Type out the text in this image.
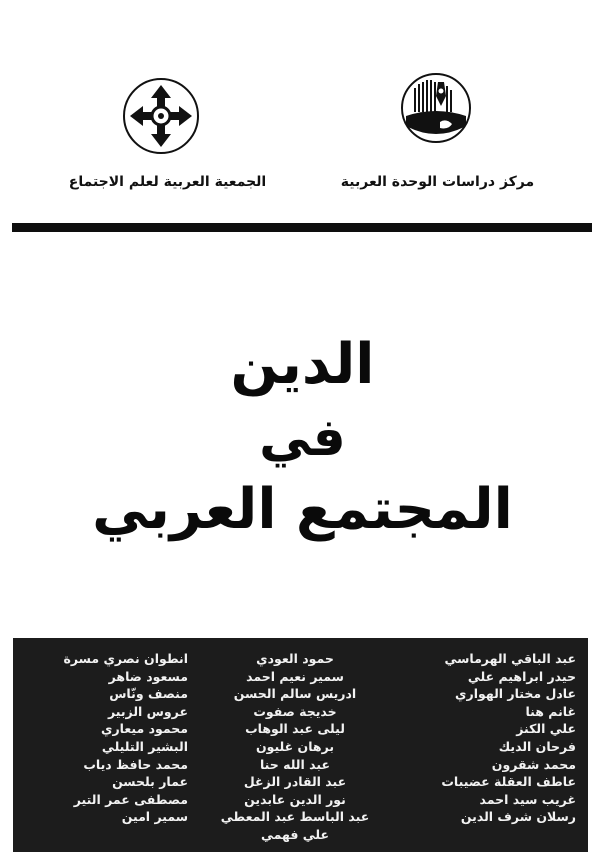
الجمعية العربية لعلم الاجتماع	مركز دراسات الوحدة العربية
الدين
في
المجتمع العربي
عبد الباقي الهرماسي
حيدر ابراهيم علي
عادل مختار الهواري
غانم هنا
علي الكنز
فرحان الديك
محمد شقرون
عاطف العقلة عضيبات
غريب سيد احمد
رسلان شرف الدين
حمود العودي
سمير نعيم احمد
ادريس سالم الحسن
خديجة صفوت
ليلى عبد الوهاب
برهان غليون
عبد الله حنا
عبد القادر الزغل
نور الدين عابدين
عبد الباسط عبد المعطي
علي فهمي
انطوان نصري مسرة
مسعود ضاهر
منصف ونّاس
عروس الزبير
محمود ميعاري
البشير التليلي
محمد حافظ دياب
عمار بلحسن
مصطفى عمر التير
سمير امين
